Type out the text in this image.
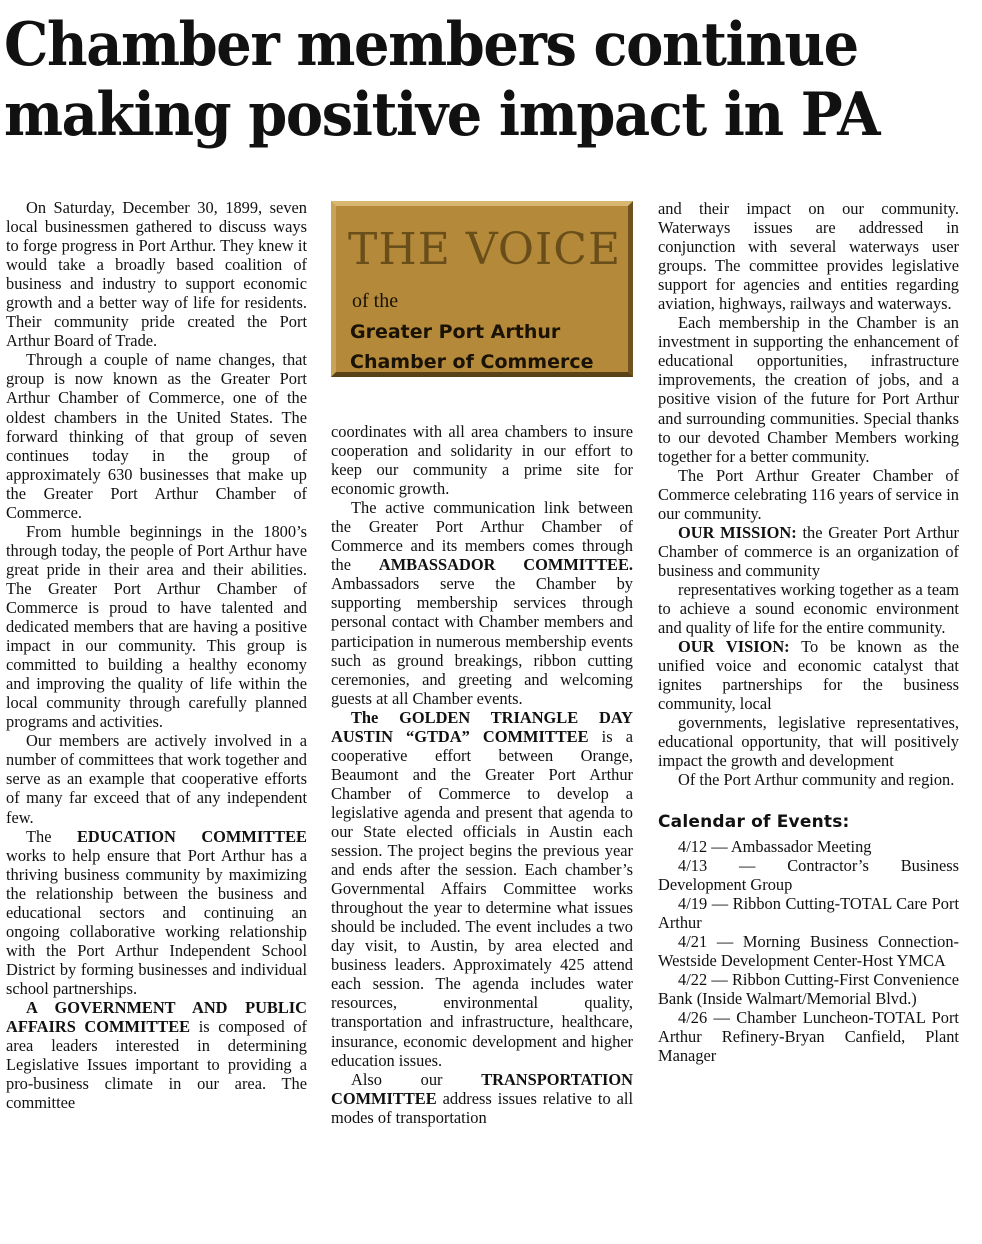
Chamber members continue
making positive impact in PA

On Saturday, December 30, 1899, seven local businessmen gathered to discuss ways to forge progress in Port Arthur. They knew it would take a broadly based coalition of business and industry to support economic growth and a better way of life for residents. Their community pride created the Port Arthur Board of Trade.

Through a couple of name changes, that group is now known as the Greater Port Arthur Chamber of Commerce, one of the oldest chambers in the United States. The forward thinking of that group of seven continues today in the group of approximately 630 businesses that make up the Greater Port Arthur Chamber of Commerce.

From humble beginnings in the 1800’s through today, the people of Port Arthur have great pride in their area and their abilities. The Greater Port Arthur Chamber of Commerce is proud to have talented and dedicated members that are having a positive impact in our community. This group is committed to building a healthy economy and improving the quality of life within the local community through carefully planned programs and activities.

Our members are actively involved in a number of committees that work together and serve as an example that cooperative efforts of many far exceed that of any independent few.

The EDUCATION COMMITTEE works to help ensure that Port Arthur has a thriving business community by maximizing the relationship between the business and educational sectors and continuing an ongoing collaborative working relationship with the Port Arthur Independent School District by forming businesses and individual school partnerships.

A GOVERNMENT AND PUBLIC AFFAIRS COMMITTEE is composed of area leaders interested in determining Legislative Issues important to providing a pro-business climate in our area. The committee

THE VOICE
of the
Greater Port Arthur
Chamber of Commerce

coordinates with all area chambers to insure cooperation and solidarity in our effort to keep our community a prime site for economic growth.

The active communication link between the Greater Port Arthur Chamber of Commerce and its members comes through the AMBASSADOR COMMITTEE. Ambassadors serve the Chamber by supporting membership services through personal contact with Chamber members and participation in numerous membership events such as ground breakings, ribbon cutting ceremonies, and greeting and welcoming guests at all Chamber events.

The GOLDEN TRIANGLE DAY AUSTIN “GTDA” COMMITTEE is a cooperative effort between Orange, Beaumont and the Greater Port Arthur Chamber of Commerce to develop a legislative agenda and present that agenda to our State elected officials in Austin each session. The project begins the previous year and ends after the session. Each chamber’s Governmental Affairs Committee works throughout the year to determine what issues should be included. The event includes a two day visit, to Austin, by area elected and business leaders. Approximately 425 attend each session. The agenda includes water resources, environmental quality, transportation and infrastructure, healthcare, insurance, economic development and higher education issues.

Also our TRANSPORTATION COMMITTEE address issues relative to all modes of transportation

and their impact on our community. Waterways issues are addressed in conjunction with several waterways user groups. The committee provides legislative support for agencies and entities regarding aviation, highways, railways and waterways.

Each membership in the Chamber is an investment in supporting the enhancement of educational opportunities, infrastructure improvements, the creation of jobs, and a positive vision of the future for Port Arthur and surrounding communities. Special thanks to our devoted Chamber Members working together for a better community.

The Port Arthur Greater Chamber of Commerce celebrating 116 years of service in our community.

OUR MISSION: the Greater Port Arthur Chamber of commerce is an organization of business and community

representatives working together as a team to achieve a sound economic environment and quality of life for the entire community.

OUR VISION: To be known as the unified voice and economic catalyst that ignites partnerships for the business community, local

governments, legislative representatives, educational opportunity, that will positively impact the growth and development

Of the Port Arthur community and region.

Calendar of Events:

4/12 — Ambassador Meeting

4/13 — Contractor’s Business Development Group

4/19 — Ribbon Cutting-TOTAL Care Port Arthur

4/21 — Morning Business Connection-Westside Development Center-Host YMCA

4/22 — Ribbon Cutting-First Convenience Bank (Inside Walmart/Memorial Blvd.)

4/26 — Chamber Luncheon-TOTAL Port Arthur Refinery-Bryan Canfield, Plant Manager
